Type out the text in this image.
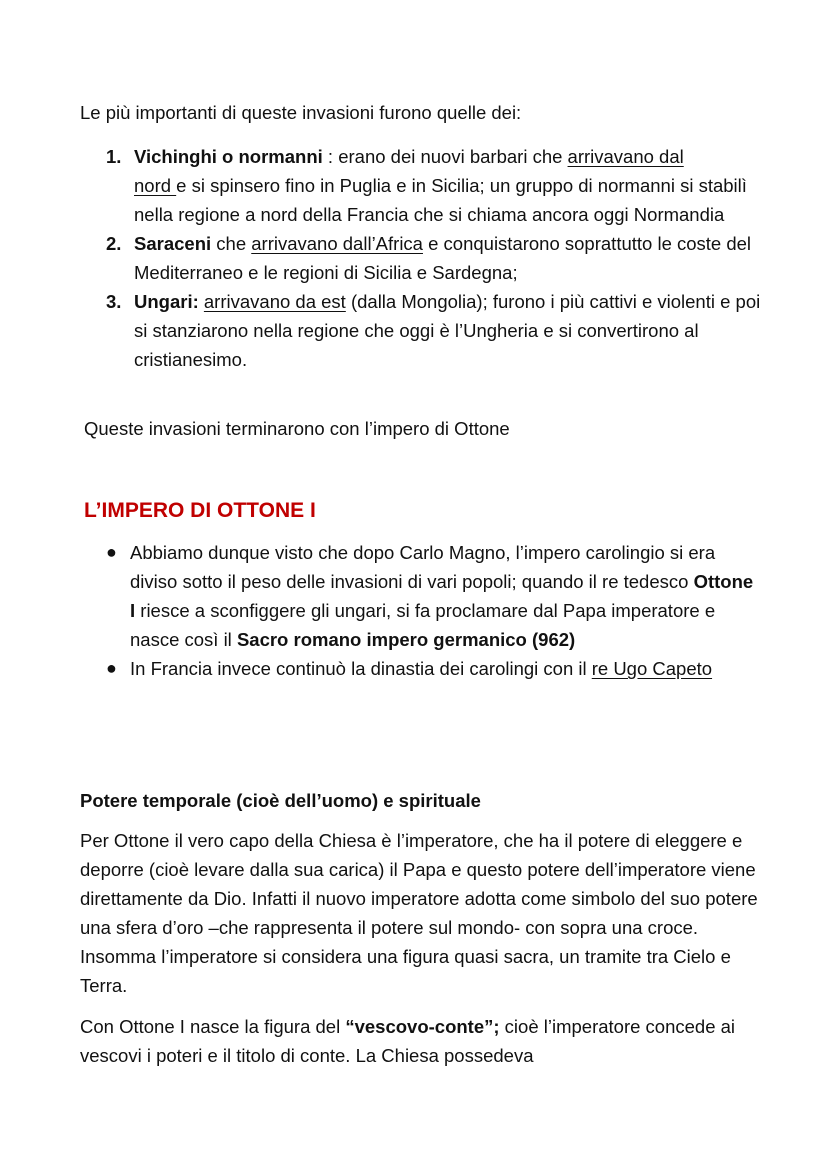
Le più importanti di queste invasioni furono quelle dei:

1. Vichinghi o normanni : erano dei nuovi barbari che arrivavano dal
nord e si spinsero fino in Puglia e in Sicilia; un gruppo di normanni si stabilì nella regione a nord della Francia che si chiama ancora oggi Normandia
2. Saraceni che arrivavano dall’Africa e conquistarono soprattutto le coste del Mediterraneo e le regioni di Sicilia e Sardegna;
3. Ungari: arrivavano da est (dalla Mongolia); furono i più cattivi e violenti e poi si stanziarono nella regione che oggi è l’Ungheria e si convertirono al cristianesimo.

Queste invasioni terminarono con l’impero di Ottone

L’IMPERO DI OTTONE I
● Abbiamo dunque visto che dopo Carlo Magno, l’impero carolingio si era diviso sotto il peso delle invasioni di vari popoli; quando il re tedesco Ottone I riesce a sconfiggere gli ungari, si fa proclamare dal Papa imperatore e nasce così il Sacro romano impero germanico (962)
● In Francia invece continuò la dinastia dei carolingi con il re Ugo Capeto
Potere temporale (cioè dell’uomo) e spirituale

Per Ottone il vero capo della Chiesa è l’imperatore, che ha il potere di eleggere e deporre (cioè levare dalla sua carica) il Papa e questo potere dell’imperatore viene direttamente da Dio. Infatti il nuovo imperatore adotta come simbolo del suo potere una sfera d’oro –che rappresenta il potere sul mondo- con sopra una croce. Insomma l’imperatore si considera una figura quasi sacra, un tramite tra Cielo e Terra.

Con Ottone I nasce la figura del “vescovo-conte”; cioè l’imperatore concede ai vescovi i poteri e il titolo di conte. La Chiesa possedeva
